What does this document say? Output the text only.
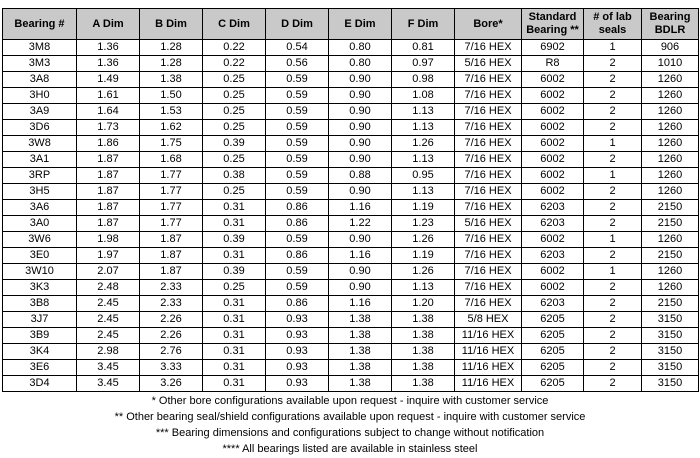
Bearing #	A Dim	B Dim	C Dim	D Dim	E Dim	F Dim	Bore*	Standard Bearing **	# of lab seals	Bearing BDLR
3M8	1.36	1.28	0.22	0.54	0.80	0.81	7/16 HEX	6902	1	906
3M3	1.36	1.28	0.22	0.56	0.80	0.97	5/16 HEX	R8	2	1010
3A8	1.49	1.38	0.25	0.59	0.90	0.98	7/16 HEX	6002	2	1260
3H0	1.61	1.50	0.25	0.59	0.90	1.08	7/16 HEX	6002	2	1260
3A9	1.64	1.53	0.25	0.59	0.90	1.13	7/16 HEX	6002	2	1260
3D6	1.73	1.62	0.25	0.59	0.90	1.13	7/16 HEX	6002	2	1260
3W8	1.86	1.75	0.39	0.59	0.90	1.26	7/16 HEX	6002	1	1260
3A1	1.87	1.68	0.25	0.59	0.90	1.13	7/16 HEX	6002	2	1260
3RP	1.87	1.77	0.38	0.59	0.88	0.95	7/16 HEX	6002	1	1260
3H5	1.87	1.77	0.25	0.59	0.90	1.13	7/16 HEX	6002	2	1260
3A6	1.87	1.77	0.31	0.86	1.16	1.19	7/16 HEX	6203	2	2150
3A0	1.87	1.77	0.31	0.86	1.22	1.23	5/16 HEX	6203	2	2150
3W6	1.98	1.87	0.39	0.59	0.90	1.26	7/16 HEX	6002	1	1260
3E0	1.97	1.87	0.31	0.86	1.16	1.19	7/16 HEX	6203	2	2150
3W10	2.07	1.87	0.39	0.59	0.90	1.26	7/16 HEX	6002	1	1260
3K3	2.48	2.33	0.25	0.59	0.90	1.13	7/16 HEX	6002	2	1260
3B8	2.45	2.33	0.31	0.86	1.16	1.20	7/16 HEX	6203	2	2150
3J7	2.45	2.26	0.31	0.93	1.38	1.38	5/8 HEX	6205	2	3150
3B9	2.45	2.26	0.31	0.93	1.38	1.38	11/16 HEX	6205	2	3150
3K4	2.98	2.76	0.31	0.93	1.38	1.38	11/16 HEX	6205	2	3150
3E6	3.45	3.33	0.31	0.93	1.38	1.38	11/16 HEX	6205	2	3150
3D4	3.45	3.26	0.31	0.93	1.38	1.38	11/16 HEX	6205	2	3150
* Other bore configurations available upon request - inquire with customer service
** Other bearing seal/shield configurations available upon request - inquire with customer service
*** Bearing dimensions and configurations subject to change without notification
**** All bearings listed are available in stainless steel
